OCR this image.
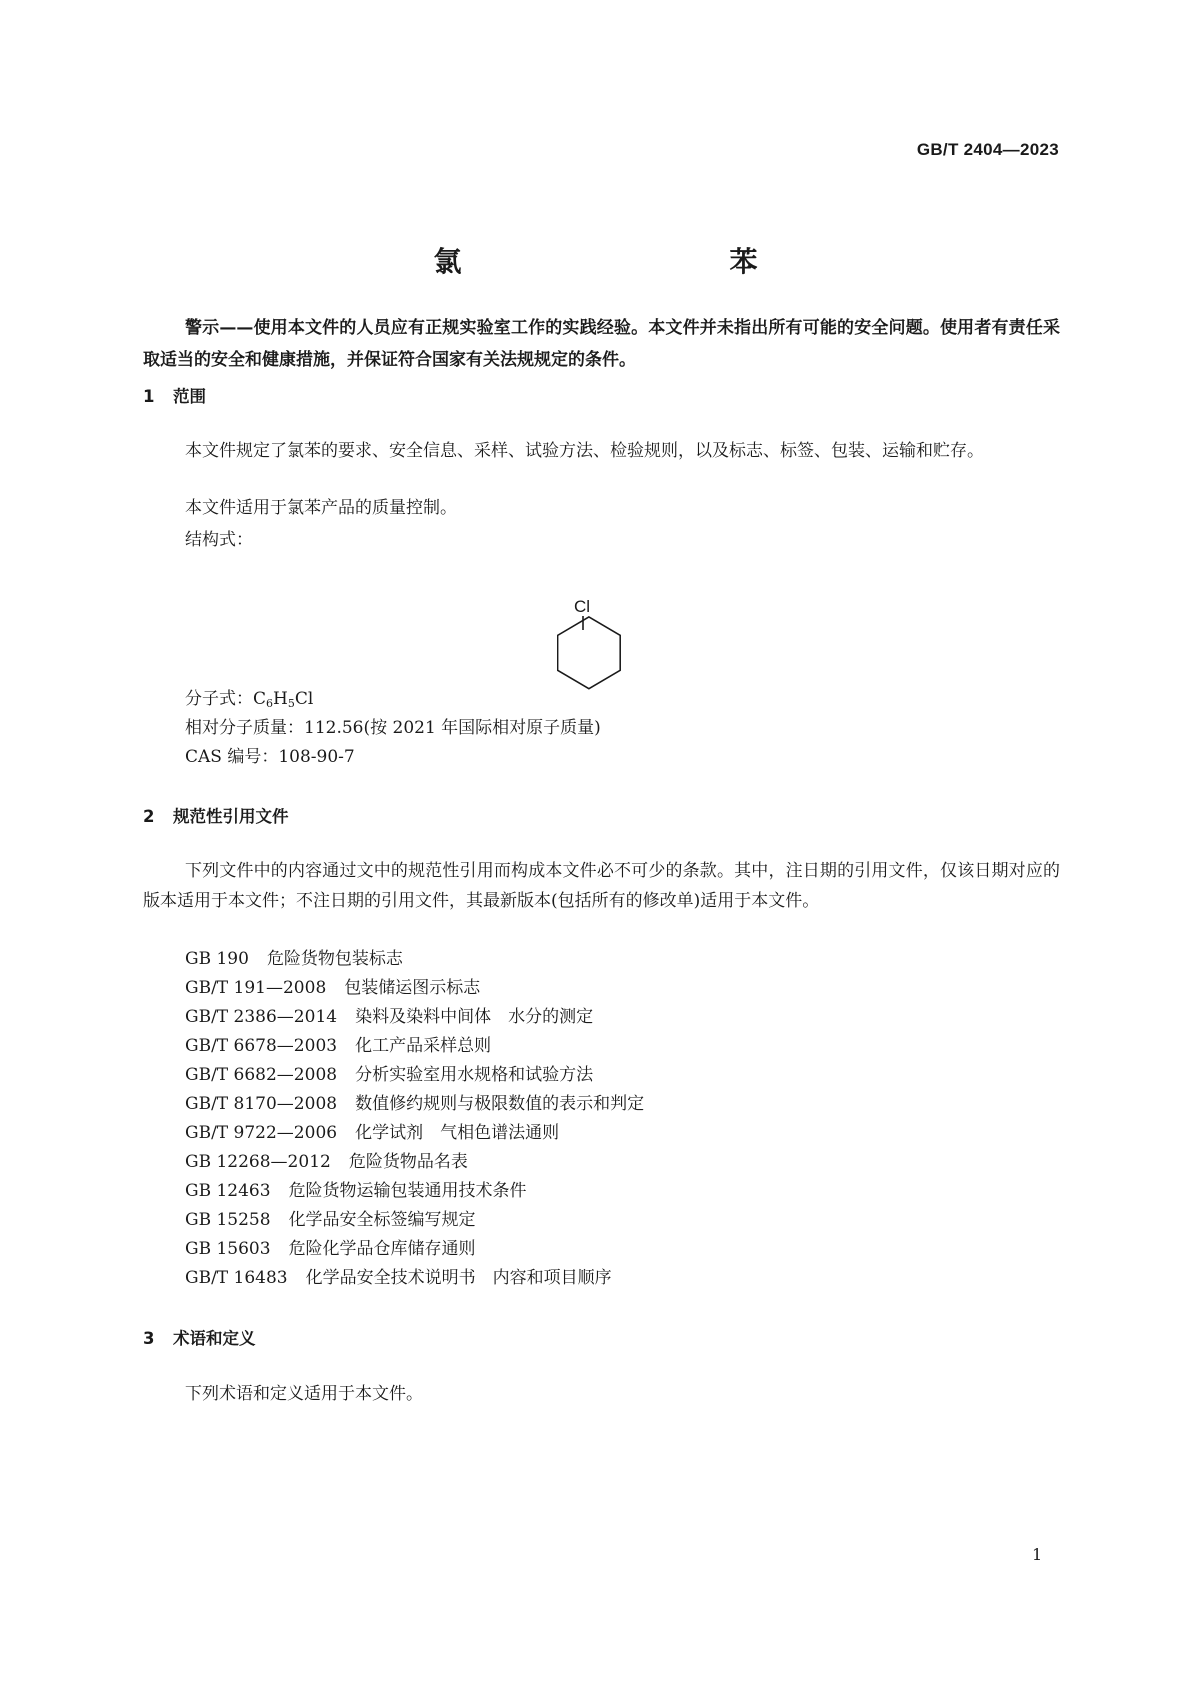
GB/T 2404—2023
氯　苯
警示——使用本文件的人员应有正规实验室工作的实践经验。本文件并未指出所有可能的安全问题。使用者有责任采取适当的安全和健康措施，并保证符合国家有关法规规定的条件。
1 范围
本文件规定了氯苯的要求、安全信息、采样、试验方法、检验规则，以及标志、标签、包装、运输和贮存。
本文件适用于氯苯产品的质量控制。
结构式：
Cl
分子式：$C_6H_5Cl$
相对分子质量：112.56(按 2021 年国际相对原子质量)
CAS 编号：108-90-7
2 规范性引用文件
下列文件中的内容通过文中的规范性引用而构成本文件必不可少的条款。其中，注日期的引用文件，仅该日期对应的版本适用于本文件；不注日期的引用文件，其最新版本(包括所有的修改单)适用于本文件。
GB 190 危险货物包装标志
GB/T 191—2008 包装储运图示标志
GB/T 2386—2014 染料及染料中间体　水分的测定
GB/T 6678—2003 化工产品采样总则
GB/T 6682—2008 分析实验室用水规格和试验方法
GB/T 8170—2008 数值修约规则与极限数值的表示和判定
GB/T 9722—2006 化学试剂　气相色谱法通则
GB 12268—2012 危险货物品名表
GB 12463 危险货物运输包装通用技术条件
GB 15258 化学品安全标签编写规定
GB 15603 危险化学品仓库储存通则
GB/T 16483 化学品安全技术说明书　内容和项目顺序
3 术语和定义
下列术语和定义适用于本文件。
1
